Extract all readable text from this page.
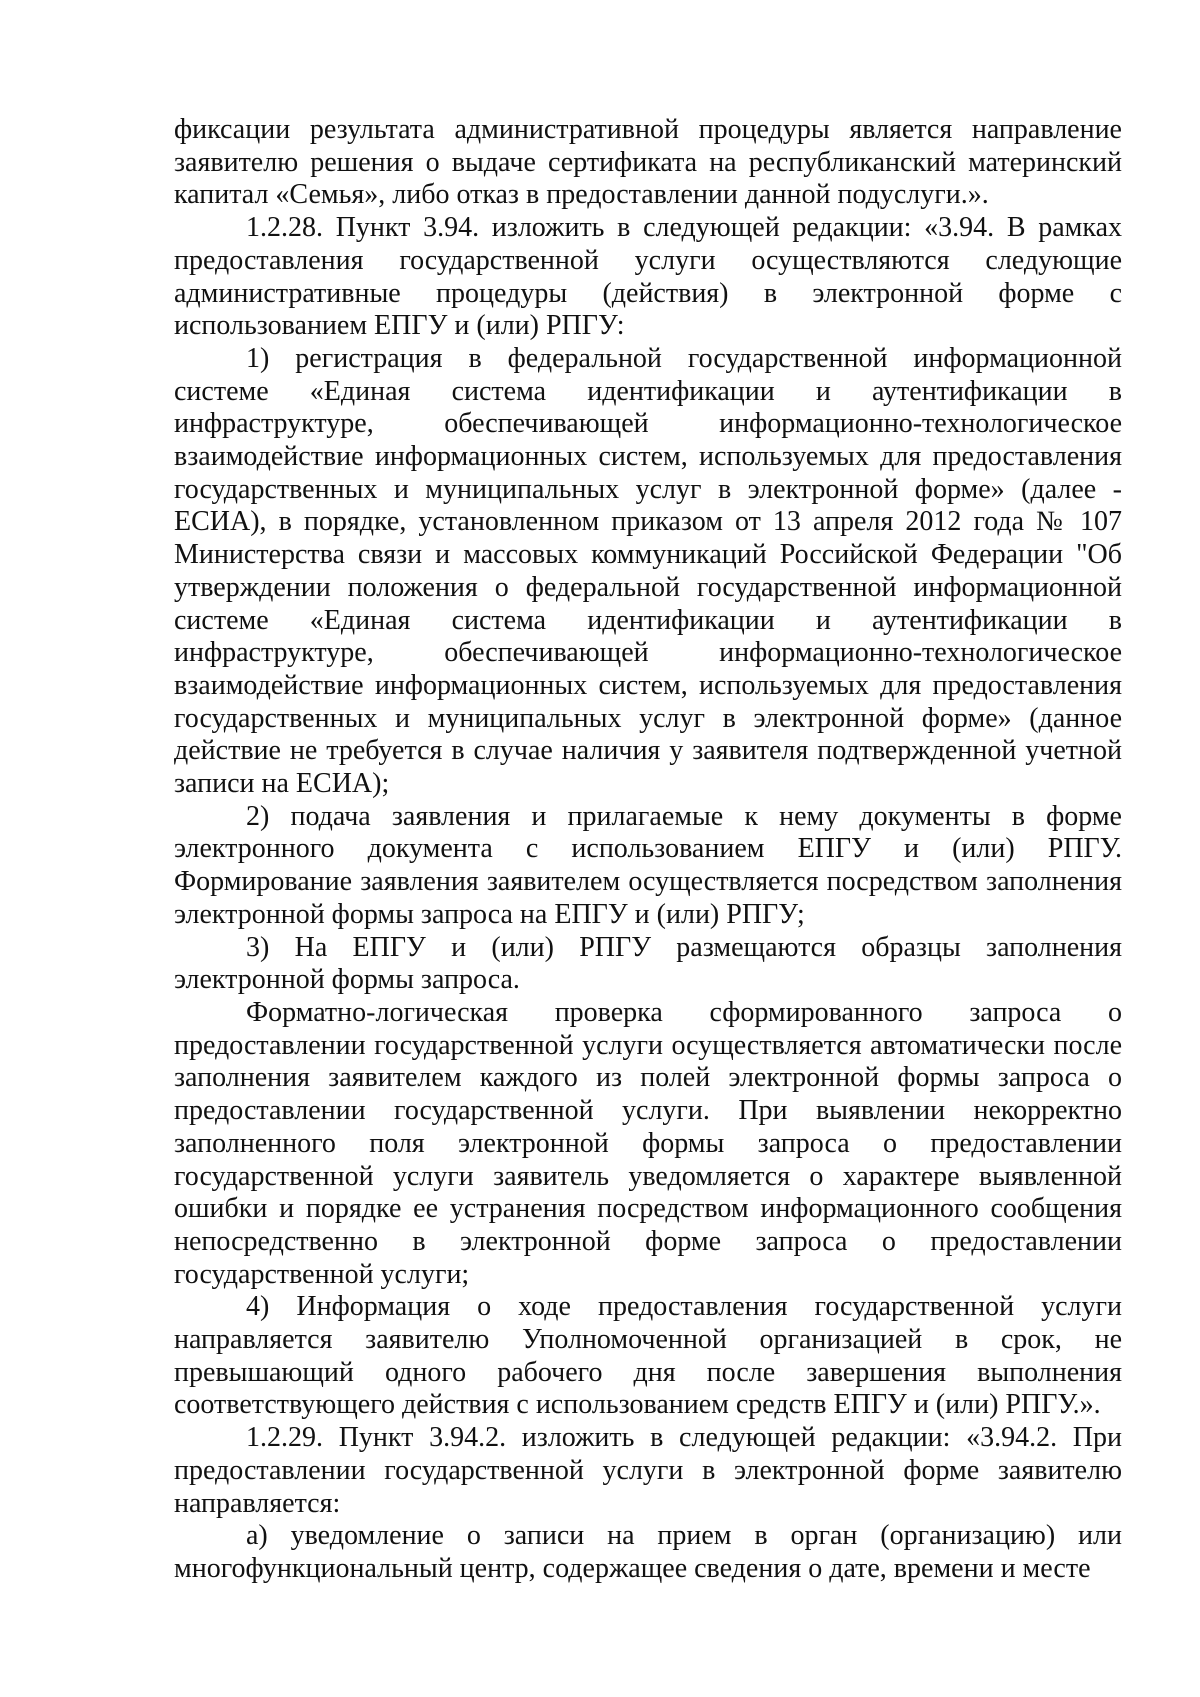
фиксации результата административной процедуры является направление заявителю решения о выдаче сертификата на республиканский материнский капитал «Семья», либо отказ в предоставлении данной подуслуги.».

1.2.28. Пункт 3.94. изложить в следующей редакции: «3.94. В рамках предоставления государственной услуги осуществляются следующие административные процедуры (действия) в электронной форме с использованием ЕПГУ и (или) РПГУ:

1) регистрация в федеральной государственной информационной системе «Единая система идентификации и аутентификации в инфраструктуре, обеспечивающей информационно-технологическое взаимодействие информационных систем, используемых для предоставления государственных и муниципальных услуг в электронной форме» (далее - ЕСИА), в порядке, установленном приказом от 13 апреля 2012 года № 107 Министерства связи и массовых коммуникаций Российской Федерации "Об утверждении положения о федеральной государственной информационной системе «Единая система идентификации и аутентификации в инфраструктуре, обеспечивающей информационно-технологическое взаимодействие информационных систем, используемых для предоставления государственных и муниципальных услуг в электронной форме» (данное действие не требуется в случае наличия у заявителя подтвержденной учетной записи на ЕСИА);

2) подача заявления и прилагаемые к нему документы в форме электронного документа с использованием ЕПГУ и (или) РПГУ. Формирование заявления заявителем осуществляется посредством заполнения электронной формы запроса на ЕПГУ и (или) РПГУ;

3) На ЕПГУ и (или) РПГУ размещаются образцы заполнения электронной формы запроса.

Форматно-логическая проверка сформированного запроса о предоставлении государственной услуги осуществляется автоматически после заполнения заявителем каждого из полей электронной формы запроса о предоставлении государственной услуги. При выявлении некорректно заполненного поля электронной формы запроса о предоставлении государственной услуги заявитель уведомляется о характере выявленной ошибки и порядке ее устранения посредством информационного сообщения непосредственно в электронной форме запроса о предоставлении государственной услуги;

4) Информация о ходе предоставления государственной услуги направляется заявителю Уполномоченной организацией в срок, не превышающий одного рабочего дня после завершения выполнения соответствующего действия с использованием средств ЕПГУ и (или) РПГУ.».

1.2.29. Пункт 3.94.2. изложить в следующей редакции: «3.94.2. При предоставлении государственной услуги в электронной форме заявителю направляется:

а) уведомление о записи на прием в орган (организацию) или многофункциональный центр, содержащее сведения о дате, времени и месте
